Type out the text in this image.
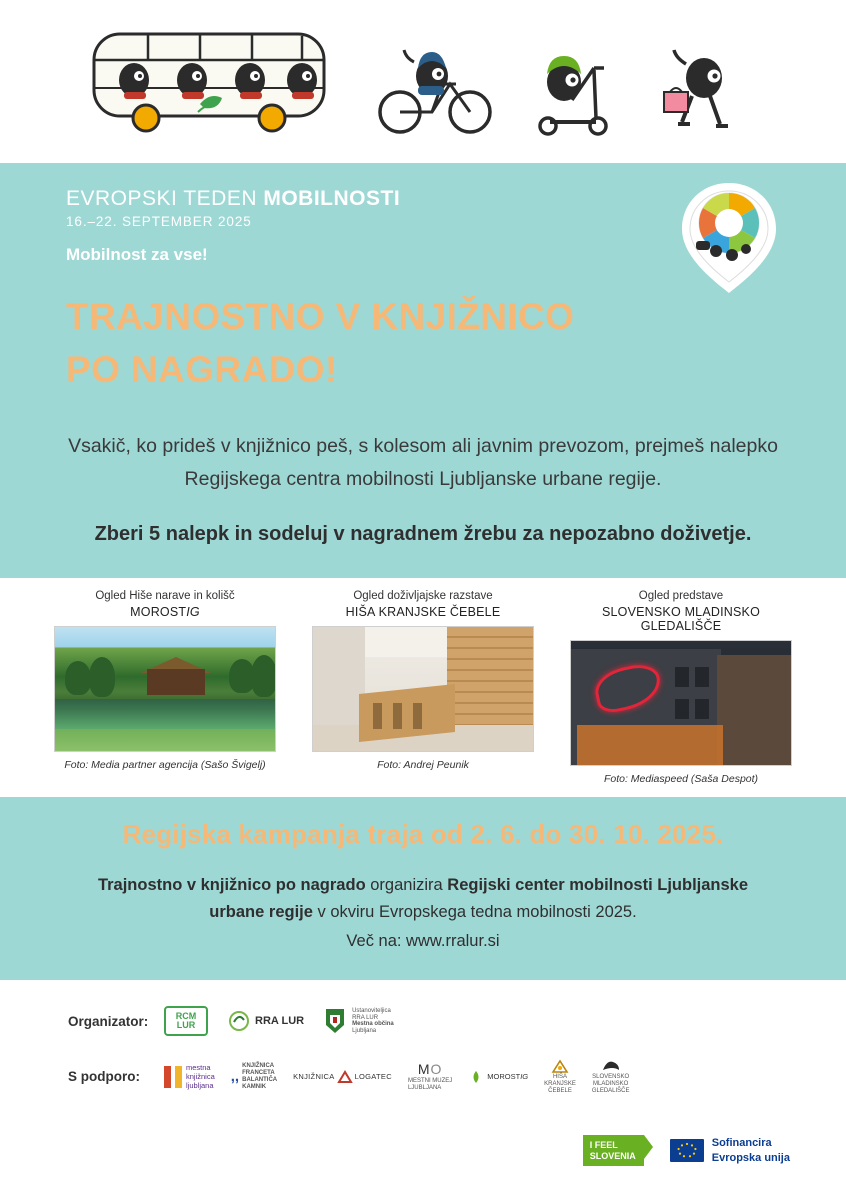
EVROPSKI TEDEN MOBILNOSTI
16.–22. SEPTEMBER 2025
Mobilnost za vse!
TRAJNOSTNO V KNJIŽNICO
PO NAGRADO!
Vsakič, ko prideš v knjižnico peš, s kolesom ali javnim prevozom, prejmeš nalepko Regijskega centra mobilnosti Ljubljanske urbane regije.
Zberi 5 nalepk in sodeluj v nagradnem žrebu za nepozabno doživetje.
Ogled Hiše narave in kolišč
MOROSTIG
Foto: Media partner agencija (Sašo Švigelj)
Ogled doživljajske razstave
HIŠA KRANJSKE ČEBELE
Foto: Andrej Peunik
Ogled predstave
SLOVENSKO MLADINSKO GLEDALIŠČE
Foto: Mediaspeed (Saša Despot)
Regijska kampanja traja od 2. 6. do 30. 10. 2025.
Trajnostno v knjižnico po nagrado organizira Regijski center mobilnosti Ljubljanske urbane regije v okviru Evropskega tedna mobilnosti 2025.
Več na: www.rralur.si
Organizator:	RCM
LUR	RRA LUR
Ustanoviteljica
RRA LUR
Mestna občina
Ljubljana
S podporo:
mestna
knjižnica
ljubljana
,,
KNJIŽNICA
FRANCETA
BALANTIČA
KAMNIK
KNJIŽNICA	LOGATEC MO
MESTNI MUZEJ
LJUBLJANA
MOROSTIG	HIŠA
KRANJSKE
ČEBELE
SLOVENSKO
MLADINSKO
GLEDALIŠČE
I FEEL
SLOVENIA
Sofinancira
Evropska unija
